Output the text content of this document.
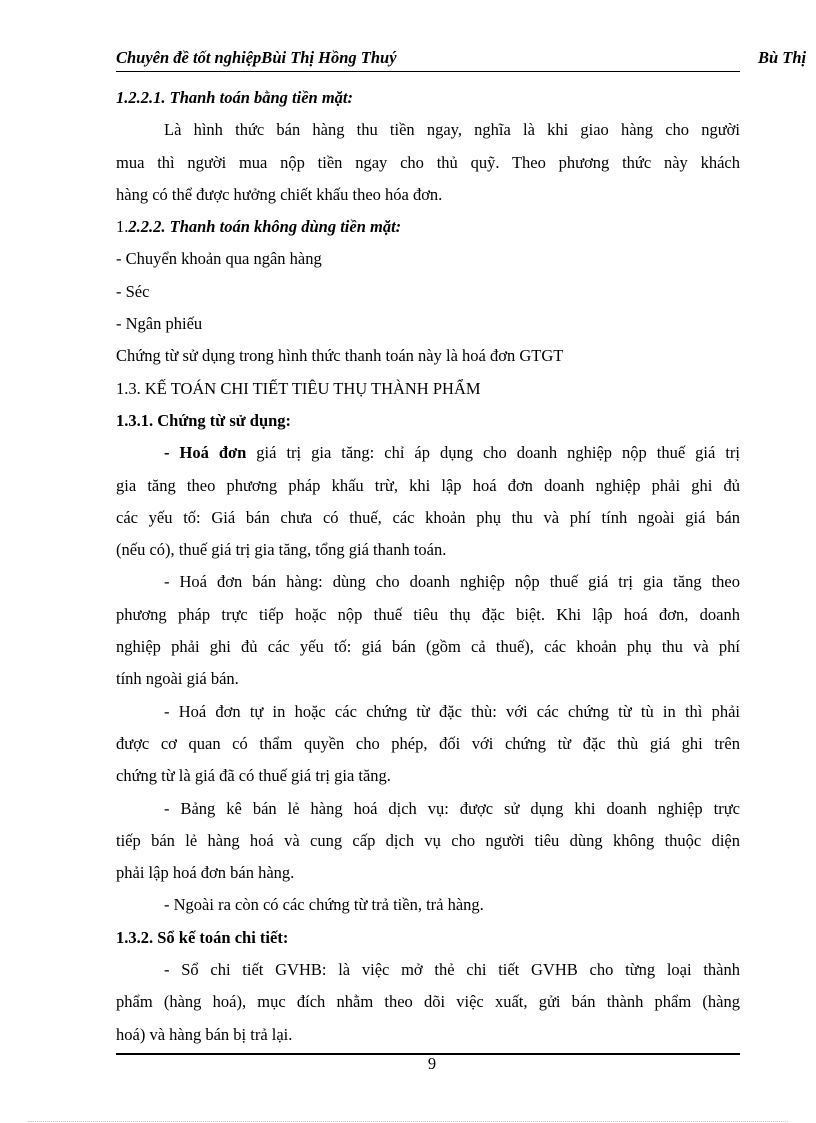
Chuyên đề tốt nghiệpBùi Thị Hồng Thuý	Bù Thị
1.2.2.1. Thanh toán bằng tiền mặt:
Là hình thức bán hàng thu tiền ngay, nghĩa là khi giao hàng cho người
mua thì người mua nộp tiền ngay cho thủ quỹ. Theo phương thức này khách
hàng có thể được hưởng chiết khấu theo hóa đơn.
1.2.2.2. Thanh toán không dùng tiền mặt:
- Chuyển khoản qua ngân hàng
- Séc
- Ngân phiếu
Chứng từ sử dụng trong hình thức thanh toán này là hoá đơn GTGT
1.3. KẾ TOÁN CHI TIẾT TIÊU THỤ THÀNH PHẨM
1.3.1. Chứng từ sử dụng:
- Hoá đơn giá trị gia tăng: chỉ áp dụng cho doanh nghiệp nộp thuế giá trị
gia tăng theo phương pháp khấu trừ, khi lập hoá đơn doanh nghiệp phải ghi đủ
các yếu tố: Giá bán chưa có thuế, các khoản phụ thu và phí tính ngoài giá bán
(nếu có), thuế giá trị gia tăng, tổng giá thanh toán.
- Hoá đơn bán hàng: dùng cho doanh nghiệp nộp thuế giá trị gia tăng theo
phương pháp trực tiếp hoặc nộp thuế tiêu thụ đặc biệt. Khi lập hoá đơn, doanh
nghiệp phải ghi đủ các yếu tố: giá bán (gồm cả thuế), các khoản phụ thu và phí
tính ngoài giá bán.
- Hoá đơn tự in hoặc các chứng từ đặc thù: với các chứng từ tù in thì phải
được cơ quan có thẩm quyền cho phép, đối với chứng từ đặc thù giá ghi trên
chứng từ là giá đã có thuế giá trị gia tăng.
- Bảng kê bán lẻ hàng hoá dịch vụ: được sử dụng khi doanh nghiệp trực
tiếp bán lẻ hàng hoá và cung cấp dịch vụ cho người tiêu dùng không thuộc diện
phải lập hoá đơn bán hàng.
- Ngoài ra còn có các chứng từ trả tiền, trả hàng.
1.3.2. Sổ kế toán chi tiết:
- Sổ chi tiết GVHB: là việc mở thẻ chi tiết GVHB cho từng loại thành
phẩm (hàng hoá), mục đích nhằm theo dõi việc xuất, gửi bán thành phẩm (hàng
hoá) và hàng bán bị trả lại.
9
